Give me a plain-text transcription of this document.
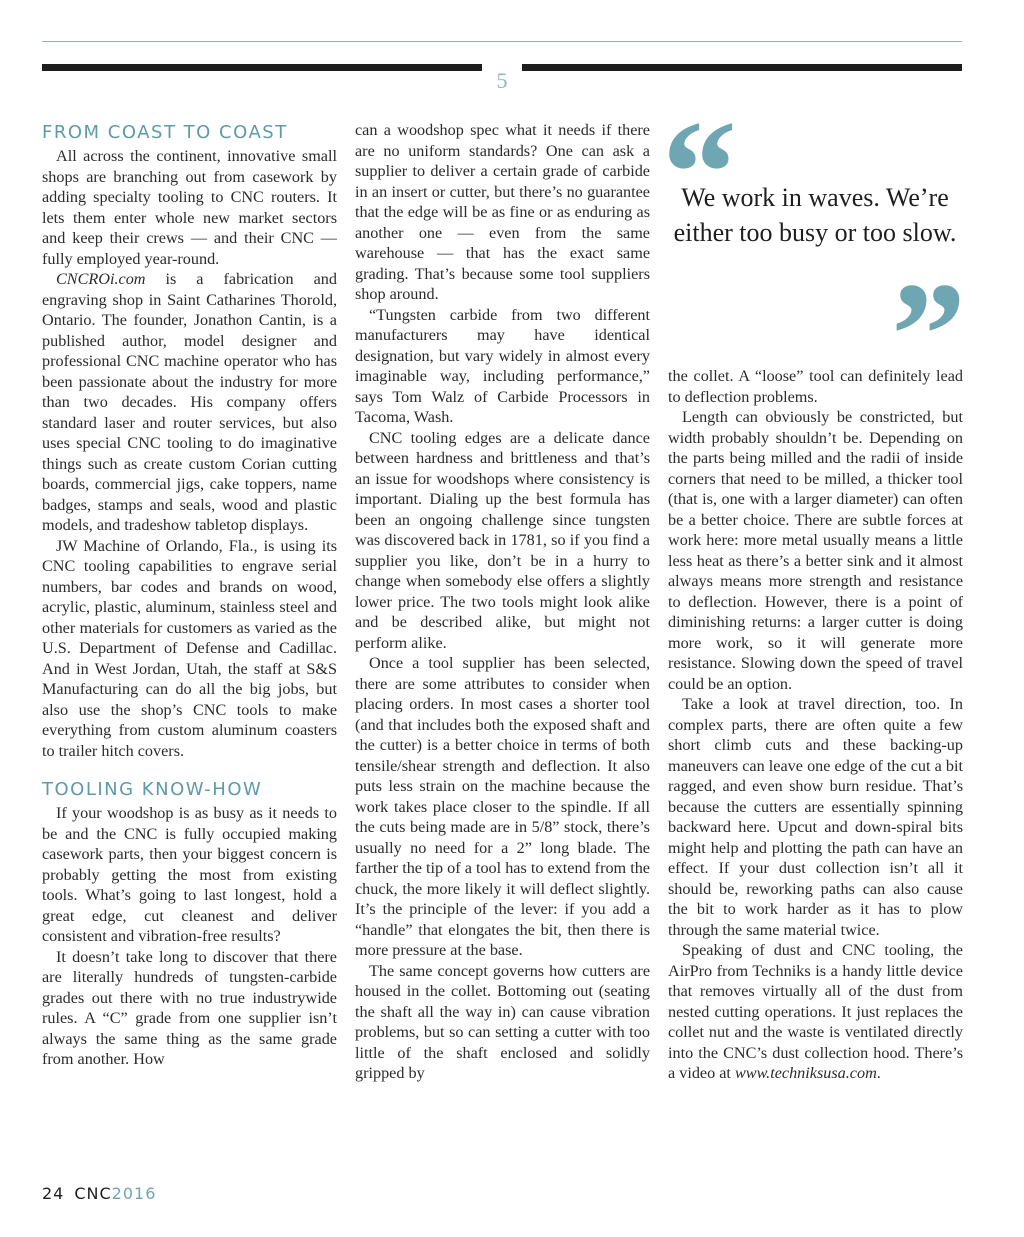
5
FROM COAST TO COAST

All across the continent, innovative small shops are branching out from casework by adding specialty tooling to CNC routers. It lets them enter whole new market sectors and keep their crews — and their CNC — fully employed year-round.

CNCROi.com is a fabrication and engraving shop in Saint Catharines Thorold, Ontario. The founder, Jonathon Cantin, is a published author, model designer and professional CNC machine operator who has been passionate about the industry for more than two decades. His company offers standard laser and router services, but also uses special CNC tooling to do imaginative things such as create custom Corian cutting boards, commercial jigs, cake toppers, name badges, stamps and seals, wood and plastic models, and tradeshow tabletop displays.

JW Machine of Orlando, Fla., is using its CNC tooling capabilities to engrave serial numbers, bar codes and brands on wood, acrylic, plastic, aluminum, stainless steel and other materials for customers as varied as the U.S. Department of Defense and Cadillac. And in West Jordan, Utah, the staff at S&S Manufacturing can do all the big jobs, but also use the shop’s CNC tools to make everything from custom aluminum coasters to trailer hitch covers.

TOOLING KNOW-HOW

If your woodshop is as busy as it needs to be and the CNC is fully occupied making casework parts, then your biggest concern is probably getting the most from existing tools. What’s going to last longest, hold a great edge, cut cleanest and deliver consistent and vibration-free results?

It doesn’t take long to discover that there are literally hundreds of tungsten-carbide grades out there with no true industrywide rules. A “C” grade from one supplier isn’t always the same thing as the same grade from another. How

can a woodshop spec what it needs if there are no uniform standards? One can ask a supplier to deliver a certain grade of carbide in an insert or cutter, but there’s no guarantee that the edge will be as fine or as enduring as another one — even from the same warehouse — that has the exact same grading. That’s because some tool suppliers shop around.

“Tungsten carbide from two different manufacturers may have identical designation, but vary widely in almost every imaginable way, including performance,” says Tom Walz of Carbide Processors in Tacoma, Wash.

CNC tooling edges are a delicate dance between hardness and brittleness and that’s an issue for woodshops where consistency is important. Dialing up the best formula has been an ongoing challenge since tungsten was discovered back in 1781, so if you find a supplier you like, don’t be in a hurry to change when somebody else offers a slightly lower price. The two tools might look alike and be described alike, but might not perform alike.

Once a tool supplier has been selected, there are some attributes to consider when placing orders. In most cases a shorter tool (and that includes both the exposed shaft and the cutter) is a better choice in terms of both tensile/shear strength and deflection. It also puts less strain on the machine because the work takes place closer to the spindle. If all the cuts being made are in 5/8” stock, there’s usually no need for a 2” long blade. The farther the tip of a tool has to extend from the chuck, the more likely it will deflect slightly. It’s the principle of the lever: if you add a “handle” that elongates the bit, then there is more pressure at the base.

The same concept governs how cutters are housed in the collet. Bottoming out (seating the shaft all the way in) can cause vibration problems, but so can setting a cutter with too little of the shaft enclosed and solidly gripped by

“
We work in waves. We’re either too busy or too slow.
”

the collet. A “loose” tool can definitely lead to deflection problems.

Length can obviously be constricted, but width probably shouldn’t be. Depending on the parts being milled and the radii of inside corners that need to be milled, a thicker tool (that is, one with a larger diameter) can often be a better choice. There are subtle forces at work here: more metal usually means a little less heat as there’s a better sink and it almost always means more strength and resistance to deflection. However, there is a point of diminishing returns: a larger cutter is doing more work, so it will generate more resistance. Slowing down the speed of travel could be an option.

Take a look at travel direction, too. In complex parts, there are often quite a few short climb cuts and these backing-up maneuvers can leave one edge of the cut a bit ragged, and even show burn residue. That’s because the cutters are essentially spinning backward here. Upcut and down-spiral bits might help and plotting the path can have an effect. If your dust collection isn’t all it should be, reworking paths can also cause the bit to work harder as it has to plow through the same material twice.

Speaking of dust and CNC tooling, the AirPro from Techniks is a handy little device that removes virtually all of the dust from nested cutting operations. It just replaces the collet nut and the waste is ventilated directly into the CNC’s dust collection hood. There’s a video at www.techniksusa.com.

24 CNC2016
